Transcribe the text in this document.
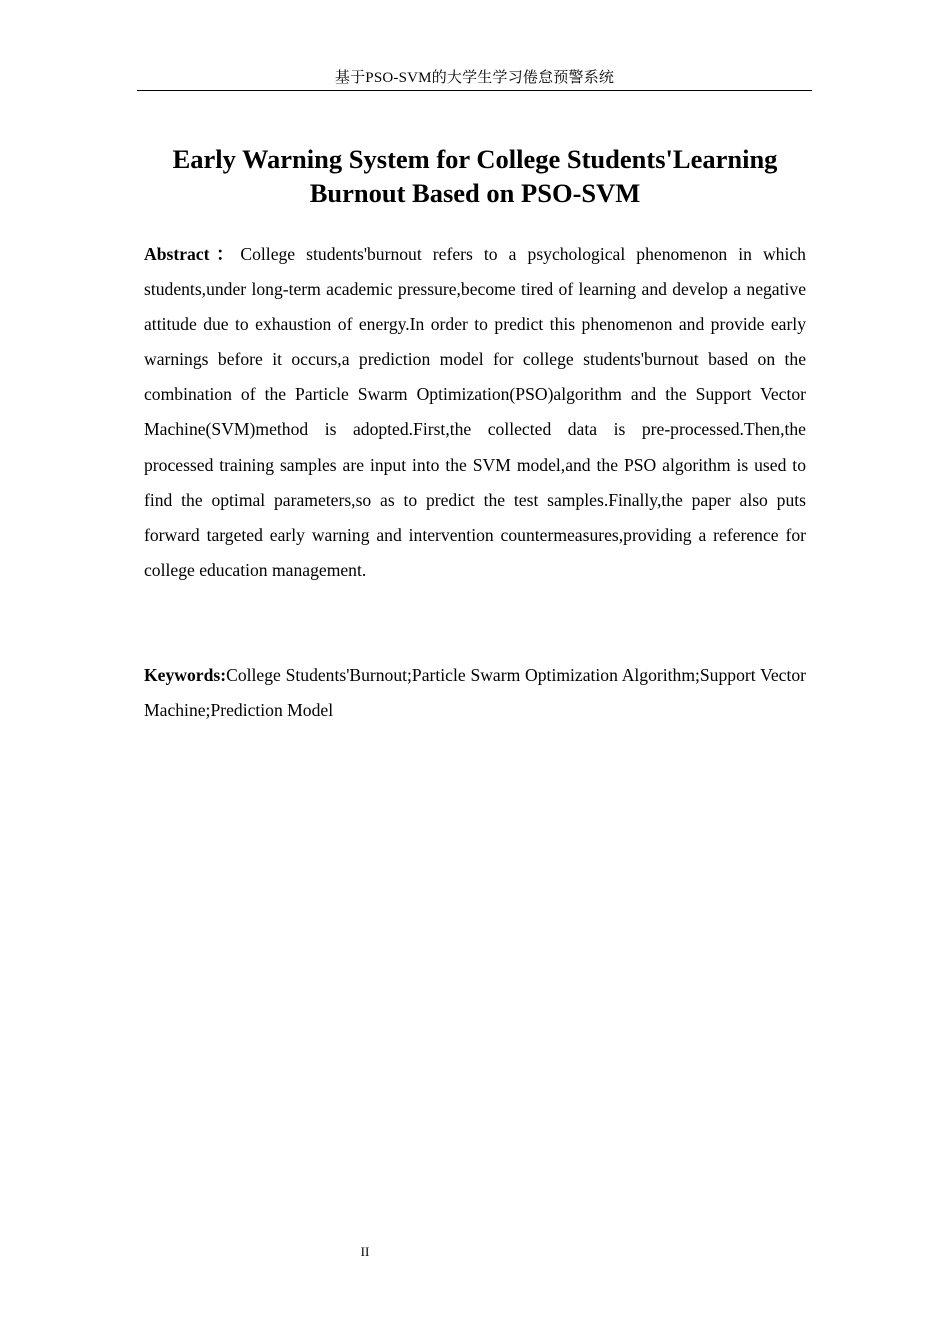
基于PSO-SVM的大学生学习倦怠预警系统
Early Warning System for College Students'Learning Burnout Based on PSO-SVM

Abstract：College students'burnout refers to a psychological phenomenon in which students,under long-term academic pressure,become tired of learning and develop a negative attitude due to exhaustion of energy.In order to predict this phenomenon and provide early warnings before it occurs,a prediction model for college students'burnout based on the combination of the Particle Swarm Optimization(PSO)algorithm and the Support Vector Machine(SVM)method is adopted.First,the collected data is pre-processed.Then,the processed training samples are input into the SVM model,and the PSO algorithm is used to find the optimal parameters,so as to predict the test samples.Finally,the paper also puts forward targeted early warning and intervention countermeasures,providing a reference for college education management.

Keywords:College Students'Burnout;Particle Swarm Optimization Algorithm;Support Vector Machine;Prediction Model

II
